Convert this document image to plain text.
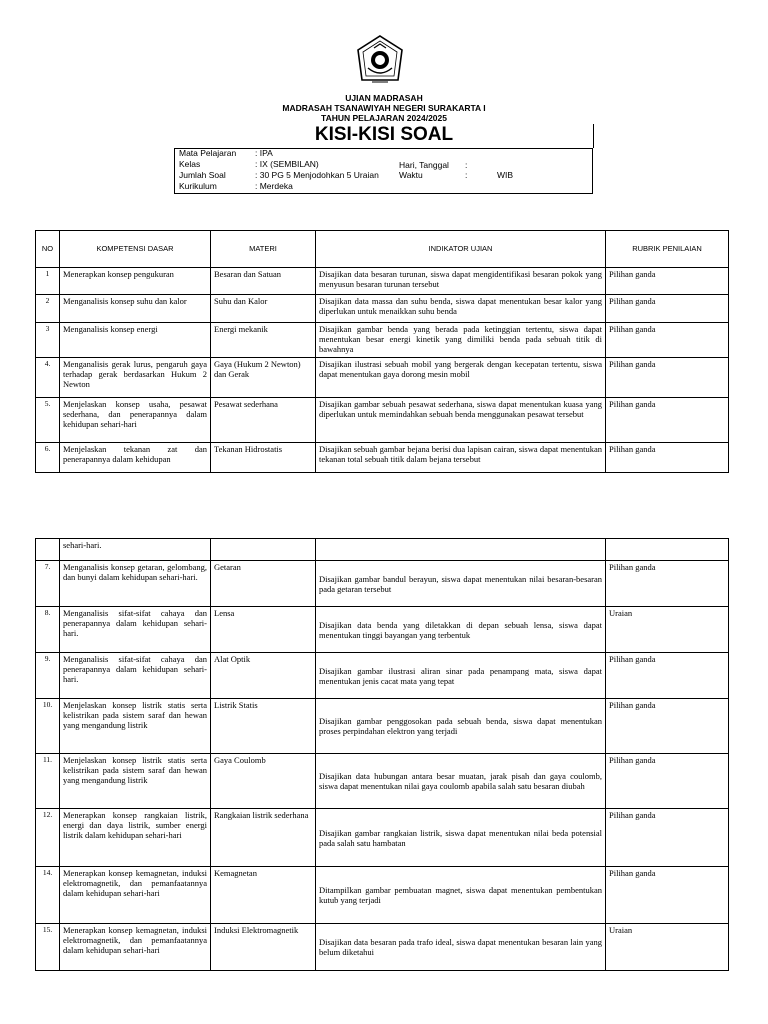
UJIAN MADRASAH
MADRASAH TSANAWIYAH NEGERI SURAKARTA I
TAHUN PELAJARAN 2024/2025
KISI-KISI SOAL
Mata Pelajaran : IPA
Kelas	: IX (SEMBILAN)
Jumlah Soal	: 30 PG 5 Menjodohkan 5 Uraian
Kurikulum	: Merdeka
Hari, Tanggal :
Waktu	:	WIB
NO	KOMPETENSI DASAR	MATERI	INDIKATOR UJIAN	RUBRIK PENILAIAN
1	Menerapkan konsep pengukuran	Besaran dan Satuan	Disajikan data besaran turunan, siswa dapat mengidentifikasi besaran pokok yang menyusun besaran turunan tersebut	Pilihan ganda
2	Menganalisis konsep suhu dan kalor	Suhu dan Kalor	Disajikan data massa dan suhu benda, siswa dapat menentukan besar kalor yang diperlukan untuk menaikkan suhu benda	Pilihan ganda
3	Menganalisis konsep energi	Energi mekanik	Disajikan gambar benda yang berada pada ketinggian tertentu, siswa dapat menentukan besar energi kinetik yang dimiliki benda pada sebuah titik di bawahnya	Pilihan ganda
4.	Menganalisis gerak lurus, pengaruh gaya terhadap gerak berdasarkan Hukum 2 Newton	Gaya (Hukum 2 Newton) dan Gerak	Disajikan ilustrasi sebuah mobil yang bergerak dengan kecepatan tertentu, siswa dapat menentukan gaya dorong mesin mobil	Pilihan ganda
5.	Menjelaskan konsep usaha, pesawat sederhana, dan penerapannya dalam kehidupan sehari-hari	Pesawat sederhana	Disajikan gambar sebuah pesawat sederhana, siswa dapat menentukan kuasa yang diperlukan untuk memindahkan sebuah benda menggunakan pesawat tersebut	Pilihan ganda
6.	Menjelaskan tekanan zat dan penerapannya dalam kehidupan	Tekanan Hidrostatis	Disajikan sebuah gambar bejana berisi dua lapisan cairan, siswa dapat menentukan tekanan total sebuah titik dalam bejana tersebut	Pilihan ganda
	sehari-hari.			
7.	Menganalisis konsep getaran, gelombang, dan bunyi dalam kehidupan sehari-hari.	Getaran	Disajikan gambar bandul berayun, siswa dapat menentukan nilai besaran-besaran pada getaran tersebut	Pilihan ganda
8.	Menganalisis sifat-sifat cahaya dan penerapannya dalam kehidupan sehari-hari.	Lensa	Disajikan data benda yang diletakkan di depan sebuah lensa, siswa dapat menentukan tinggi bayangan yang terbentuk	Uraian
9.	Menganalisis sifat-sifat cahaya dan penerapannya dalam kehidupan sehari-hari.	Alat Optik	Disajikan gambar ilustrasi aliran sinar pada penampang mata, siswa dapat menentukan jenis cacat mata yang tepat	Pilihan ganda
10.	Menjelaskan konsep listrik statis serta kelistrikan pada sistem saraf dan hewan yang mengandung listrik	Listrik Statis	Disajikan gambar penggosokan pada sebuah benda, siswa dapat menentukan proses perpindahan elektron yang terjadi	Pilihan ganda
11.	Menjelaskan konsep listrik statis serta kelistrikan pada sistem saraf dan hewan yang mengandung listrik	Gaya Coulomb	Disajikan data hubungan antara besar muatan, jarak pisah dan gaya coulomb, siswa dapat menentukan nilai gaya coulomb apabila salah satu besaran diubah	Pilihan ganda
12.	Menerapkan konsep rangkaian listrik, energi dan daya listrik, sumber energi listrik dalam kehidupan sehari-hari	Rangkaian listrik sederhana	Disajikan gambar rangkaian listrik, siswa dapat menentukan nilai beda potensial pada salah satu hambatan	Pilihan ganda
14.	Menerapkan konsep kemagnetan, induksi elektromagnetik, dan pemanfaatannya dalam kehidupan sehari-hari	Kemagnetan	Ditampilkan gambar pembuatan magnet, siswa dapat menentukan pembentukan kutub yang terjadi	Pilihan ganda
15.	Menerapkan konsep kemagnetan, induksi elektromagnetik, dan pemanfaatannya dalam kehidupan sehari-hari	Induksi Elektromagnetik	Disajikan data besaran pada trafo ideal, siswa dapat menentukan besaran lain yang belum diketahui	Uraian
